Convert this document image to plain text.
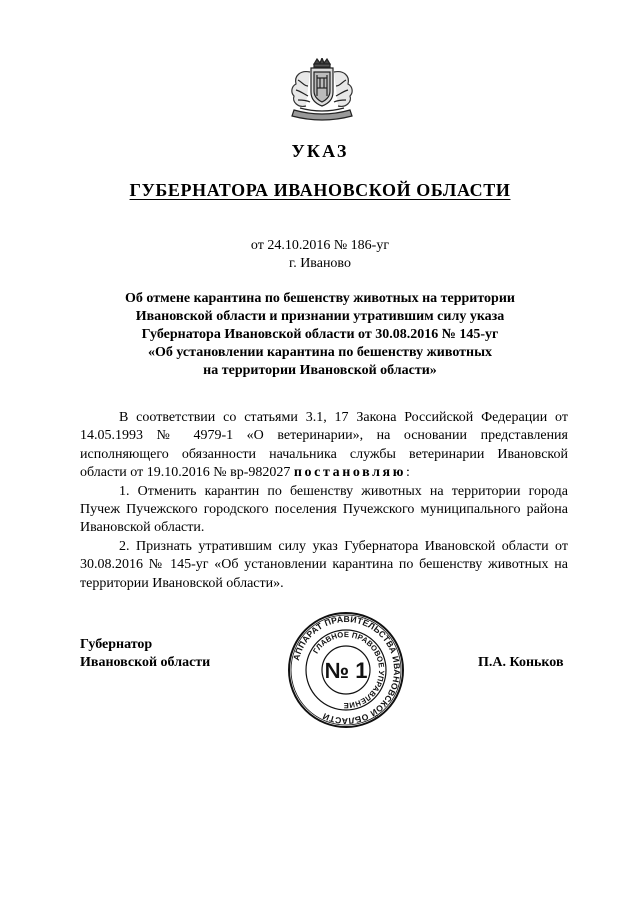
УКАЗ
ГУБЕРНАТОРА ИВАНОВСКОЙ ОБЛАСТИ
от 24.10.2016 № 186-уг
г. Иваново
Об отмене карантина по бешенству животных на территории
Ивановской области и признании утратившим силу указа
Губернатора Ивановской области от 30.08.2016 № 145-уг
«Об установлении карантина по бешенству животных
на территории Ивановской области»

В соответствии со статьями 3.1, 17 Закона Российской Федерации от 14.05.1993 № 4979-1 «О ветеринарии», на основании представления исполняющего обязанности начальника службы ветеринарии Ивановской области от 19.10.2016 № вр-982027 постановляю:

1. Отменить карантин по бешенству животных на территории города Пучеж Пучежского городского поселения Пучежского муниципального района Ивановской области.

2. Признать утратившим силу указ Губернатора Ивановской области от 30.08.2016 № 145-уг «Об установлении карантина по бешенству животных на территории Ивановской области».

Губернатор
Ивановской области	П.А. Коньков
АППАРАТ ПРАВИТЕЛЬСТВА ИВАНОВСКОЙ ОБЛАСТИ
ГЛАВНОЕ ПРАВОВОЕ УПРАВЛЕНИЕ
№ 1
